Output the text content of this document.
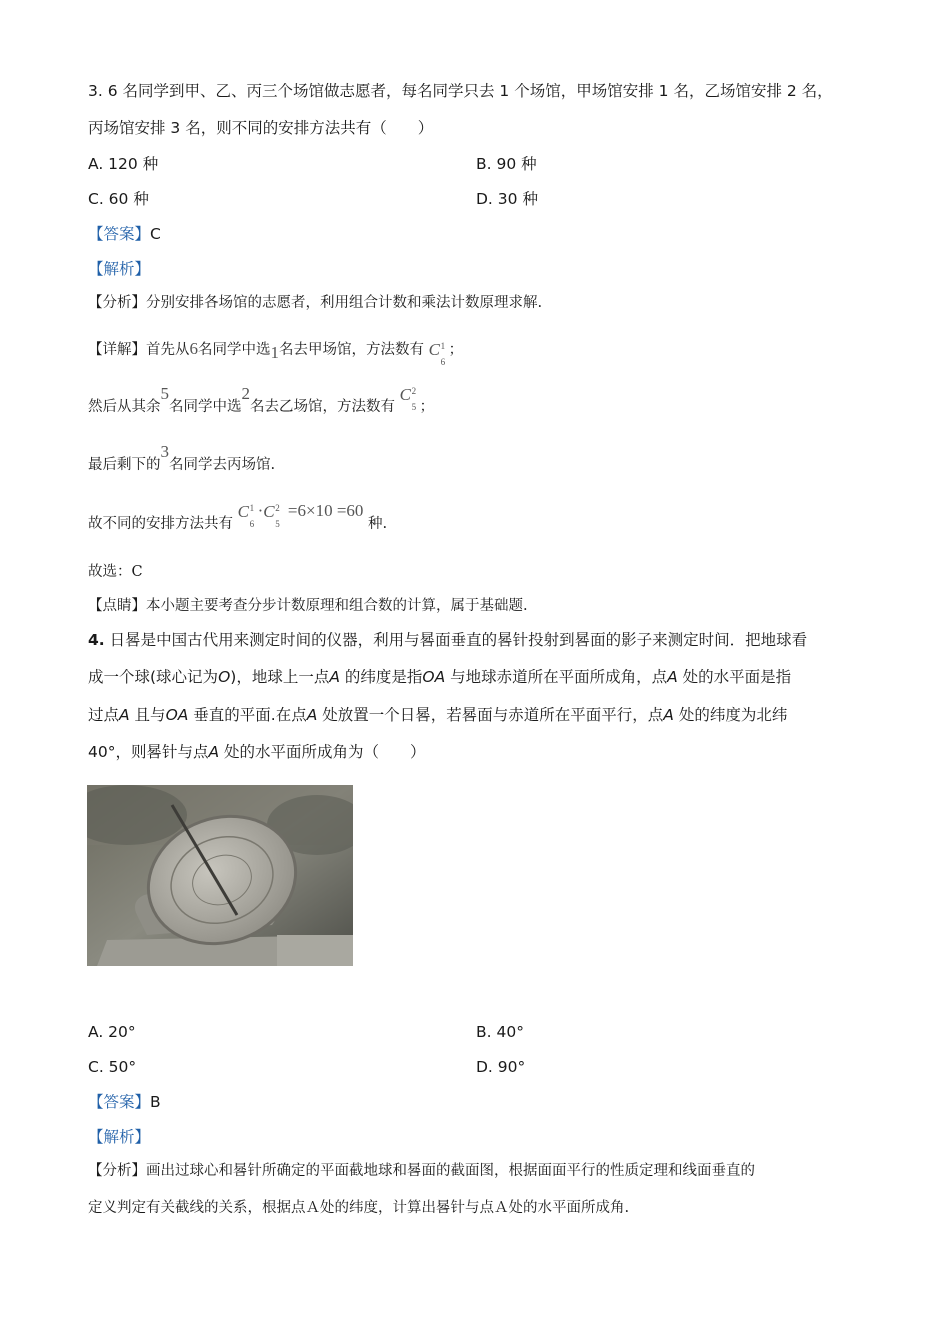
3. 6 名同学到甲、乙、丙三个场馆做志愿者，每名同学只去 1 个场馆，甲场馆安排 1 名，乙场馆安排 2 名，
丙场馆安排 3 名，则不同的安排方法共有（　　）
A. 120 种	B. 90 种
C. 60 种	D. 30 种
【答案】C
【解析】
【分析】分别安排各场馆的志愿者，利用组合计数和乘法计数原理求解.
【详解】首先从6名同学中选1名去甲场馆，方法数有 C 1
6
；
然后从其余5名同学中选2名去乙场馆，方法数有
C 2
5 ；
最后剩下的3名同学去丙场馆.
故不同的安排方法共有
C 1
6
· C 2
5
=6×10 =60 种.
故选：C
【点睛】本小题主要考查分步计数原理和组合数的计算，属于基础题.
4. 日晷是中国古代用来测定时间的仪器，利用与晷面垂直的晷针投射到晷面的影子来测定时间．把地球看
成一个球(球心记为O)，地球上一点A 的纬度是指OA 与地球赤道所在平面所成角，点A 处的水平面是指
过点A 且与OA 垂直的平面.在点A 处放置一个日晷，若晷面与赤道所在平面平行，点A 处的纬度为北纬
40°，则晷针与点A 处的水平面所成角为（　　）
A. 20°	B. 40°
C. 50°	D. 90°
【答案】B
【解析】
【分析】画出过球心和晷针所确定的平面截地球和晷面的截面图，根据面面平行的性质定理和线面垂直的
定义判定有关截线的关系，根据点Ａ处的纬度，计算出晷针与点Ａ处的水平面所成角.
